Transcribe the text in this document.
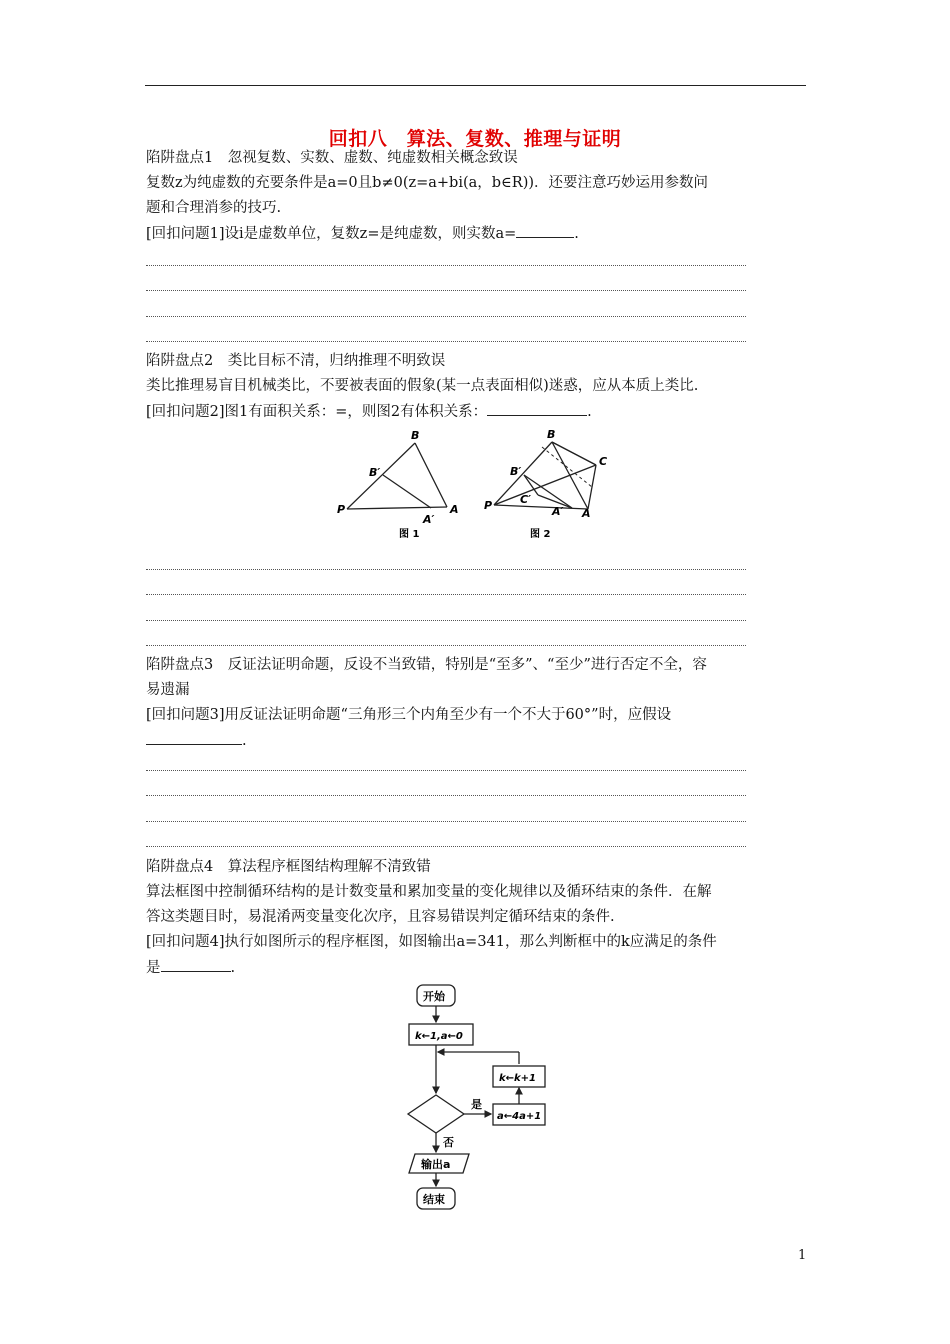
回扣八　算法、复数、推理与证明
陷阱盘点1　忽视复数、实数、虚数、纯虚数相关概念致误
复数z为纯虚数的充要条件是a=0且b≠0(z=a+bi(a，b∈R))．还要注意巧妙运用参数问
题和合理消参的技巧.
[回扣问题1]设i是虚数单位，复数z=是纯虚数，则实数a=	.
陷阱盘点2　类比目标不清，归纳推理不明致误
类比推理易盲目机械类比，不要被表面的假象(某一点表面相似)迷惑，应从本质上类比.
[回扣问题2]图1有面积关系：=，则图2有体积关系：	.
B
B′
P
A′
A
图 1
B
B′
C
C′
P	A′ A
图 2
陷阱盘点3　反证法证明命题，反设不当致错，特别是“至多”、“至少”进行否定不全，容
易遗漏
[回扣问题3]用反证法证明命题“三角形三个内角至少有一个不大于60°”时，应假设
.
陷阱盘点4　算法程序框图结构理解不清致错
算法框图中控制循环结构的是计数变量和累加变量的变化规律以及循环结束的条件．在解
答这类题目时，易混淆两变量变化次序，且容易错误判定循环结束的条件.
[回扣问题4]执行如图所示的程序框图，如图输出a=341，那么判断框中的k应满足的条件
是	.
开始
k←1,a←0
k←k+1
是
a←4a+1
否
输出a
结束
1
